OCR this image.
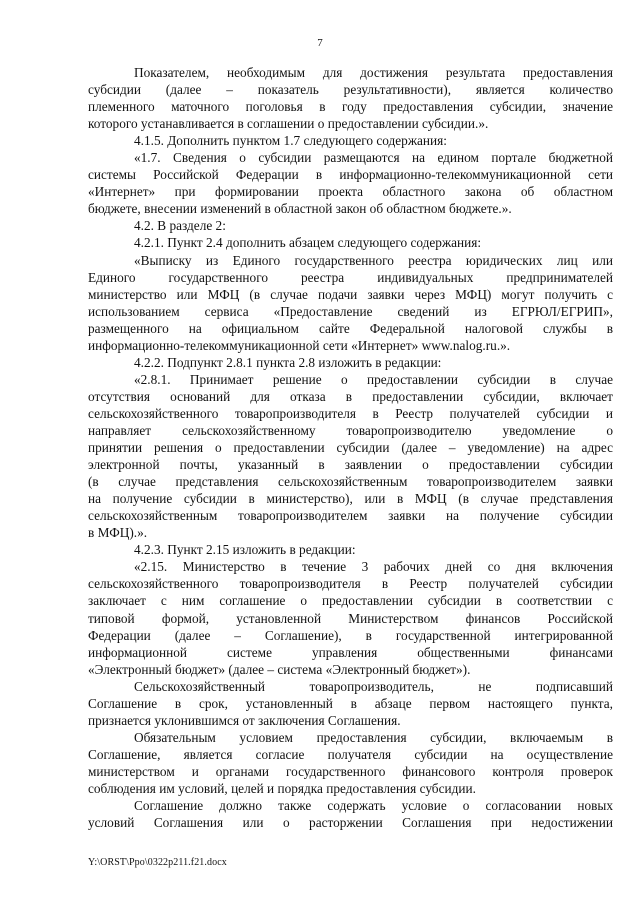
7
Показателем, необходимым для достижения результата предоставления
субсидии (далее – показатель результативности), является количество
племенного маточного поголовья в году предоставления субсидии, значение
которого устанавливается в соглашении о предоставлении субсидии.».
4.1.5. Дополнить пунктом 1.7 следующего содержания:
«1.7. Сведения о субсидии размещаются на едином портале бюджетной
системы Российской Федерации в информационно-телекоммуникационной сети
«Интернет» при формировании проекта областного закона об областном
бюджете, внесении изменений в областной закон об областном бюджете.».
4.2. В разделе 2:
4.2.1. Пункт 2.4 дополнить абзацем следующего содержания:
«Выписку из Единого государственного реестра юридических лиц или
Единого государственного реестра индивидуальных предпринимателей
министерство или МФЦ (в случае подачи заявки через МФЦ) могут получить с
использованием сервиса «Предоставление сведений из ЕГРЮЛ/ЕГРИП»,
размещенного на официальном сайте Федеральной налоговой службы в
информационно-телекоммуникационной сети «Интернет» www.nalog.ru.».
4.2.2. Подпункт 2.8.1 пункта 2.8 изложить в редакции:
«2.8.1. Принимает решение о предоставлении субсидии в случае
отсутствия оснований для отказа в предоставлении субсидии, включает
сельскохозяйственного товаропроизводителя в Реестр получателей субсидии и
направляет сельскохозяйственному товаропроизводителю уведомление о
принятии решения о предоставлении субсидии (далее – уведомление) на адрес
электронной почты, указанный в заявлении о предоставлении субсидии
(в случае представления сельскохозяйственным товаропроизводителем заявки
на получение субсидии в министерство), или в МФЦ (в случае представления
сельскохозяйственным товаропроизводителем заявки на получение субсидии
в МФЦ).».
4.2.3. Пункт 2.15 изложить в редакции:
«2.15. Министерство в течение 3 рабочих дней со дня включения
сельскохозяйственного товаропроизводителя в Реестр получателей субсидии
заключает с ним соглашение о предоставлении субсидии в соответствии с
типовой формой, установленной Министерством финансов Российской
Федерации (далее – Соглашение), в государственной интегрированной
информационной системе управления общественными финансами
«Электронный бюджет» (далее – система «Электронный бюджет»).
Сельскохозяйственный товаропроизводитель, не подписавший
Соглашение в срок, установленный в абзаце первом настоящего пункта,
признается уклонившимся от заключения Соглашения.
Обязательным условием предоставления субсидии, включаемым в
Соглашение, является согласие получателя субсидии на осуществление
министерством и органами государственного финансового контроля проверок
соблюдения им условий, целей и порядка предоставления субсидии.
Соглашение должно также содержать условие о согласовании новых
условий Соглашения или о расторжении Соглашения при недостижении
Y:\ORST\Ppo\0322p211.f21.docx
